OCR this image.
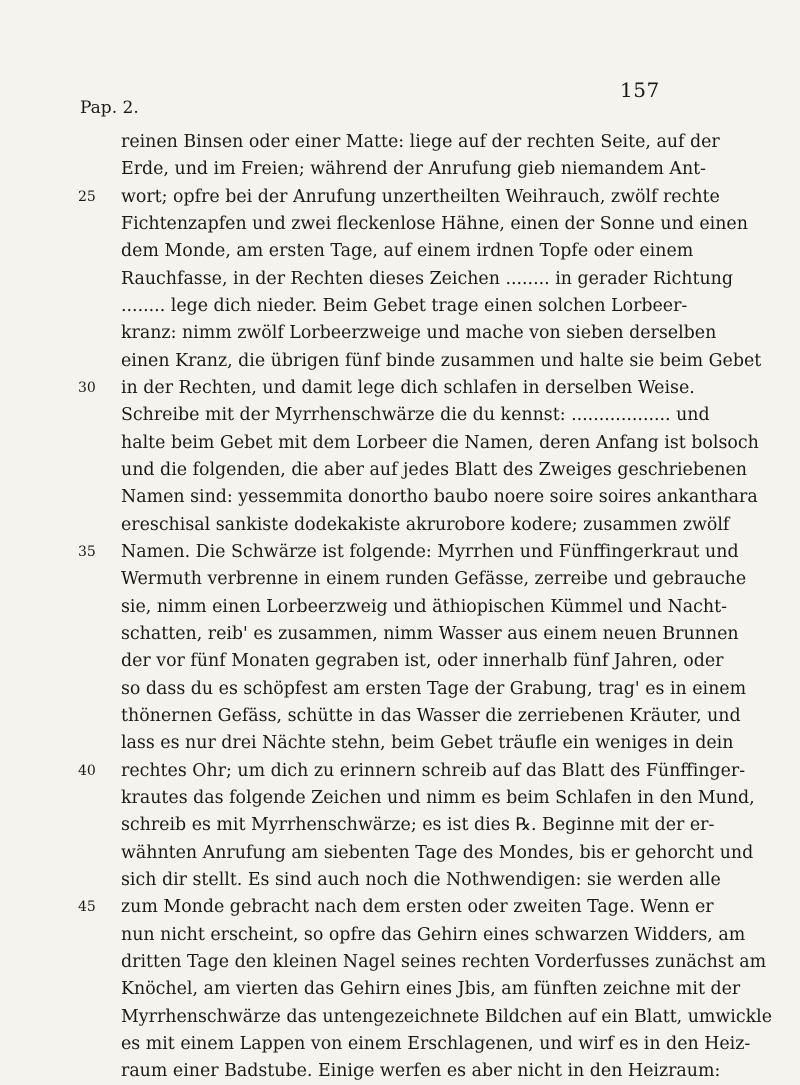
157
Pap. 2.
reinen Binsen oder einer Matte: liege auf der rechten Seite, auf der
Erde, und im Freien; während der Anrufung gieb niemandem Ant-
25 wort; opfre bei der Anrufung unzertheilten Weihrauch, zwölf rechte
Fichtenzapfen und zwei fleckenlose Hähne, einen der Sonne und einen
dem Monde, am ersten Tage, auf einem irdnen Topfe oder einem
Rauchfasse, in der Rechten dieses Zeichen ........ in gerader Richtung
........ lege dich nieder. Beim Gebet trage einen solchen Lorbeer-
kranz: nimm zwölf Lorbeerzweige und mache von sieben derselben
einen Kranz, die übrigen fünf binde zusammen und halte sie beim Gebet
30 in der Rechten, und damit lege dich schlafen in derselben Weise.
Schreibe mit der Myrrhenschwärze die du kennst: .................. und
halte beim Gebet mit dem Lorbeer die Namen, deren Anfang ist bolsoch
und die folgenden, die aber auf jedes Blatt des Zweiges geschriebenen
Namen sind: yessemmita donortho baubo noere soire soires ankanthara
ereschisal sankiste dodekakiste akrurobore kodere; zusammen zwölf
35 Namen. Die Schwärze ist folgende: Myrrhen und Fünffingerkraut und
Wermuth verbrenne in einem runden Gefässe, zerreibe und gebrauche
sie, nimm einen Lorbeerzweig und äthiopischen Kümmel und Nacht-
schatten, reib' es zusammen, nimm Wasser aus einem neuen Brunnen
der vor fünf Monaten gegraben ist, oder innerhalb fünf Jahren, oder
so dass du es schöpfest am ersten Tage der Grabung, trag' es in einem
thönernen Gefäss, schütte in das Wasser die zerriebenen Kräuter, und
lass es nur drei Nächte stehn, beim Gebet träufle ein weniges in dein
40 rechtes Ohr; um dich zu erinnern schreib auf das Blatt des Fünffinger-
krautes das folgende Zeichen und nimm es beim Schlafen in den Mund,
schreib es mit Myrrhenschwärze; es ist dies ℞. Beginne mit der er-
wähnten Anrufung am siebenten Tage des Mondes, bis er gehorcht und
sich dir stellt. Es sind auch noch die Nothwendigen: sie werden alle
45 zum Monde gebracht nach dem ersten oder zweiten Tage. Wenn er
nun nicht erscheint, so opfre das Gehirn eines schwarzen Widders, am
dritten Tage den kleinen Nagel seines rechten Vorderfusses zunächst am
Knöchel, am vierten das Gehirn eines Jbis, am fünften zeichne mit der
Myrrhenschwärze das untengezeichnete Bildchen auf ein Blatt, umwickle
es mit einem Lappen von einem Erschlagenen, und wirf es in den Heiz-
raum einer Badstube. Einige werfen es aber nicht in den Heizraum:
